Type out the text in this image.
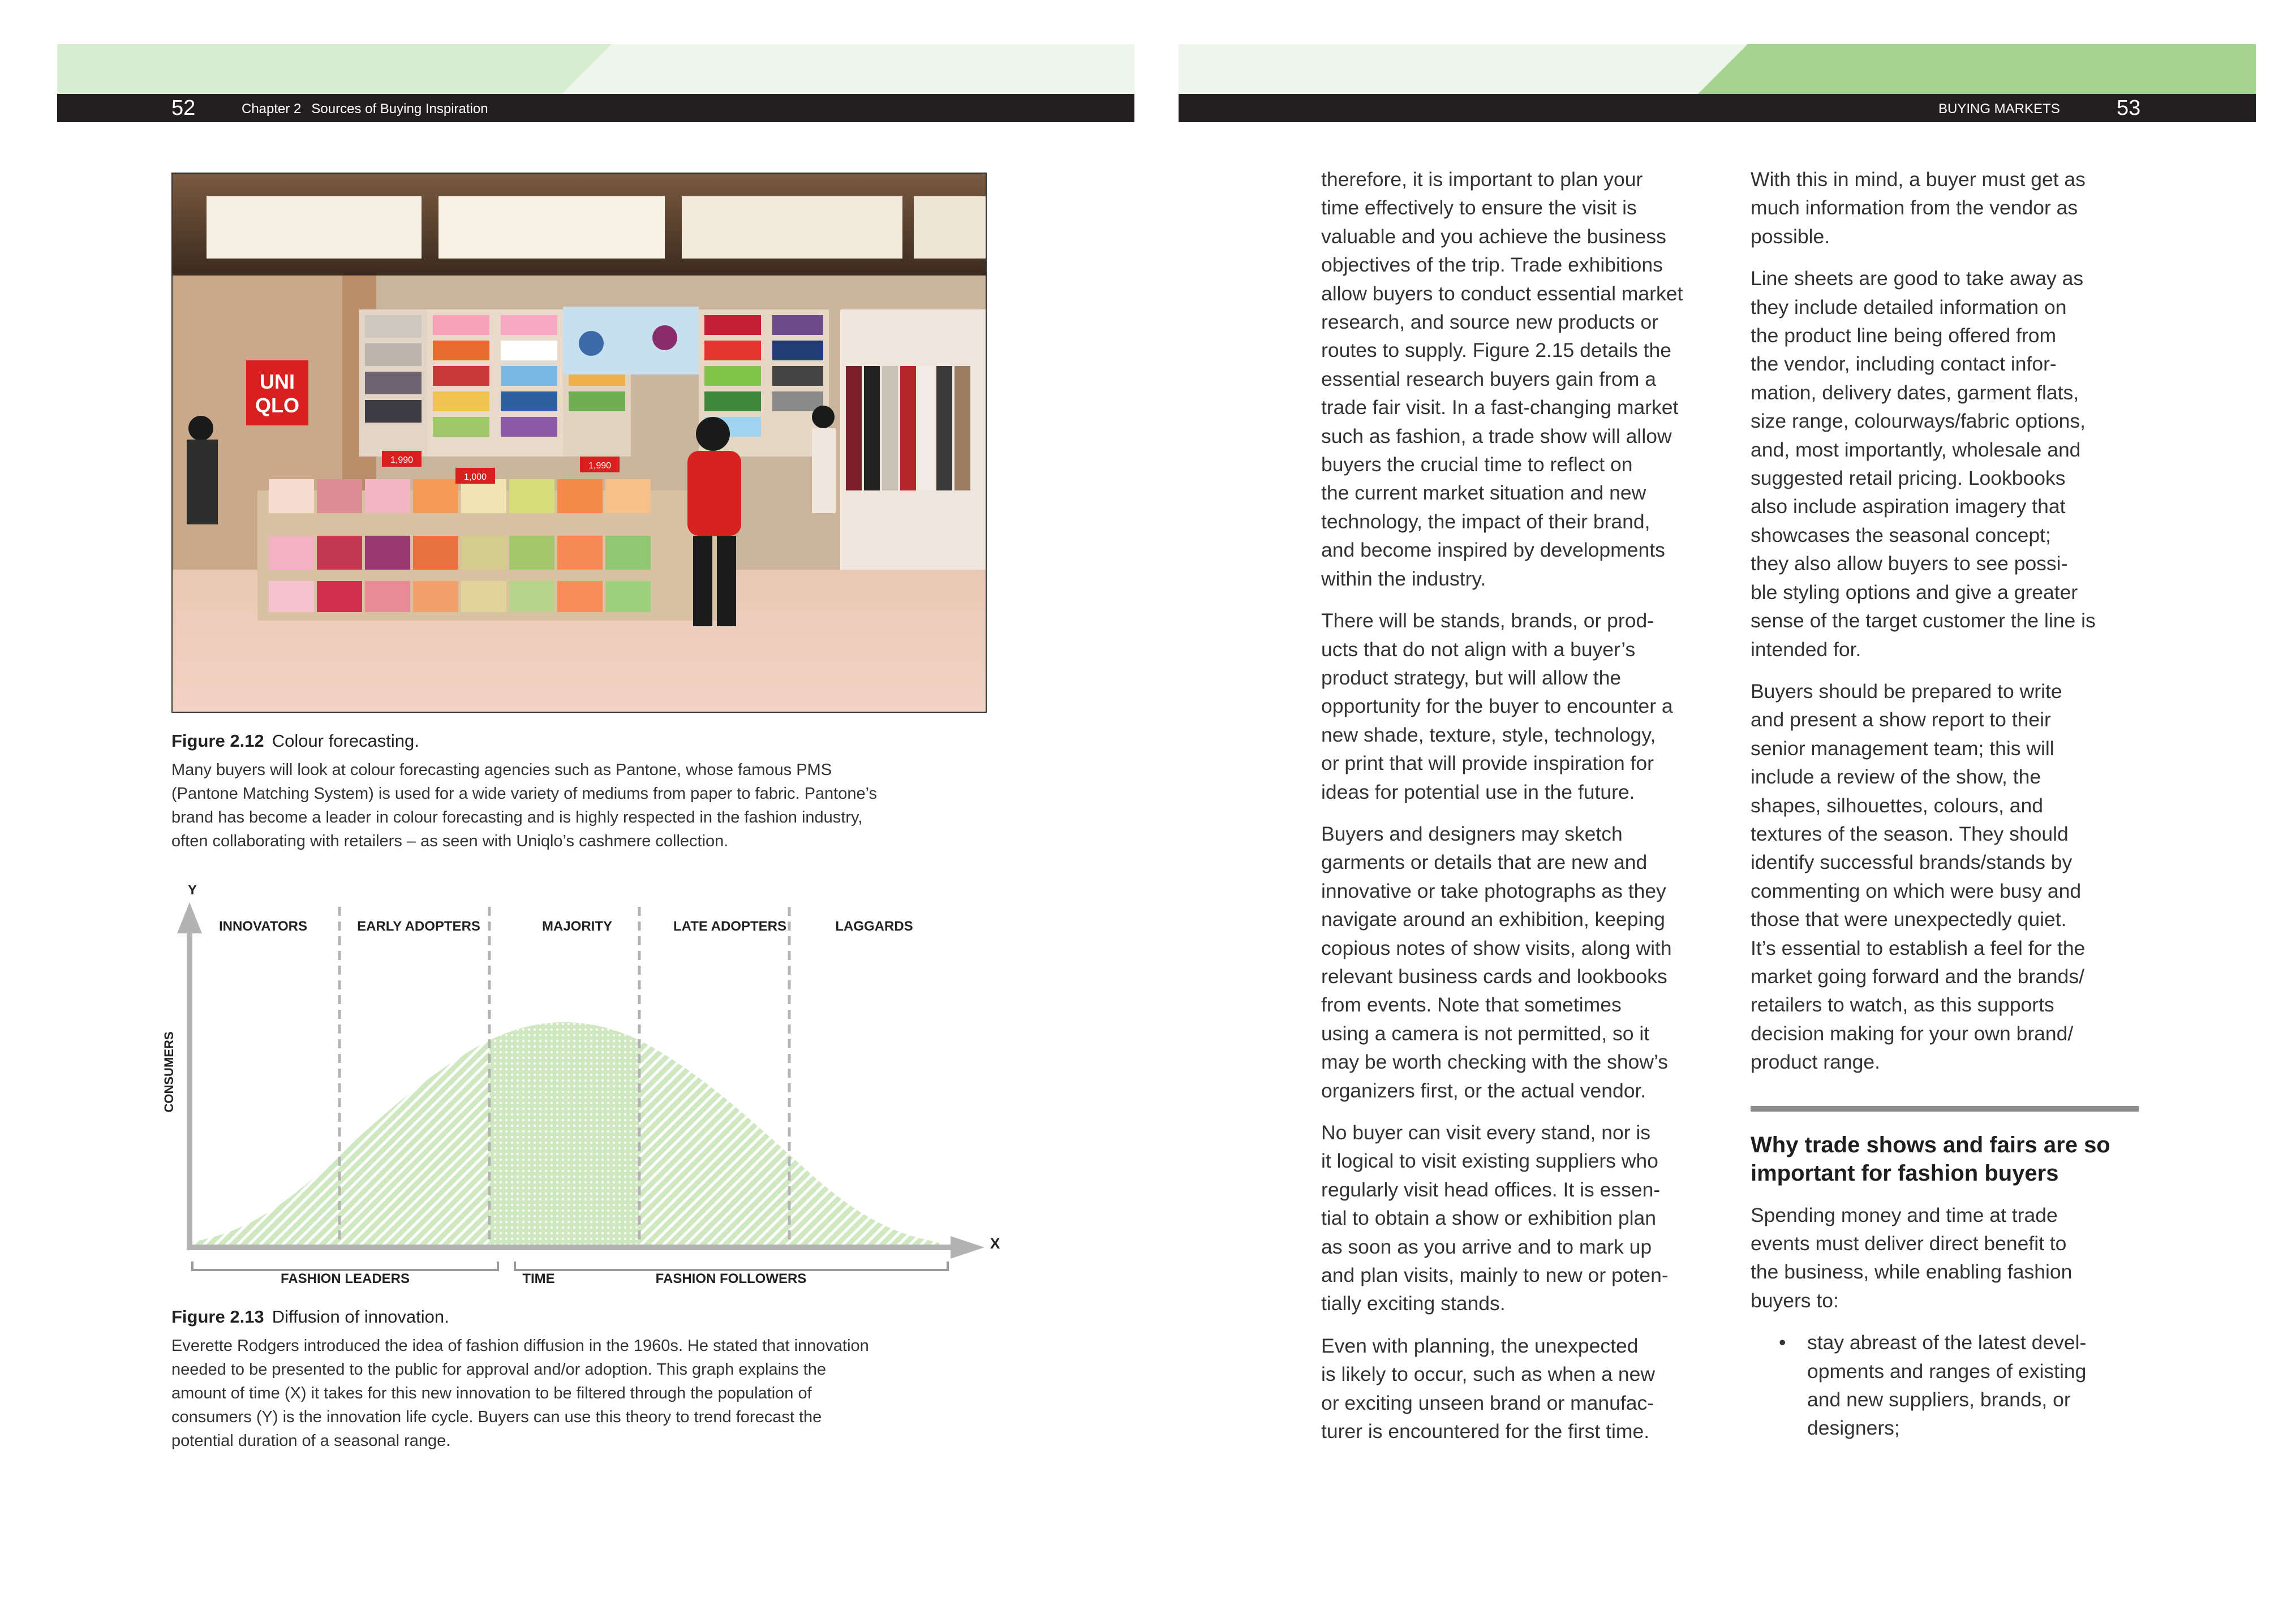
52	Chapter 2 Sources of Buying Inspiration
UNI
QLO
1,990
1,000
1,990
Figure 2.12 Colour forecasting.
Many buyers will look at colour forecasting agencies such as Pantone, whose famous PMS
(Pantone Matching System) is used for a wide variety of mediums from paper to fabric. Pantone’s
brand has become a leader in colour forecasting and is highly respected in the fashion industry,
often collaborating with retailers – as seen with Uniqlo’s cashmere collection.
Y
X
CONSUMERS
INNOVATORS	EARLY ADOPTERS	MAJORITY	LATE ADOPTERS	LAGGARDS
FASHION LEADERS	TIME	FASHION FOLLOWERS
Figure 2.13 Diffusion of innovation.
Everette Rodgers introduced the idea of fashion diffusion in the 1960s. He stated that innovation
needed to be presented to the public for approval and/or adoption. This graph explains the
amount of time (X) it takes for this new innovation to be filtered through the population of
consumers (Y) is the innovation life cycle. Buyers can use this theory to trend forecast the
potential duration of a seasonal range.
BUYING MARKETS	53

therefore, it is important to plan your
time effectively to ensure the visit is
valuable and you achieve the business
objectives of the trip. Trade exhibitions
allow buyers to conduct essential market
research, and source new products or
routes to supply. Figure 2.15 details the
essential research buyers gain from a
trade fair visit. In a fast-changing market
such as fashion, a trade show will allow
buyers the crucial time to reflect on
the current market situation and new
technology, the impact of their brand,
and become inspired by developments
within the industry.

There will be stands, brands, or prod-
ucts that do not align with a buyer’s
product strategy, but will allow the
opportunity for the buyer to encounter a
new shade, texture, style, technology,
or print that will provide inspiration for
ideas for potential use in the future.

Buyers and designers may sketch
garments or details that are new and
innovative or take photographs as they
navigate around an exhibition, keeping
copious notes of show visits, along with
relevant business cards and lookbooks
from events. Note that sometimes
using a camera is not permitted, so it
may be worth checking with the show’s
organizers first, or the actual vendor.

No buyer can visit every stand, nor is
it logical to visit existing suppliers who
regularly visit head offices. It is essen-
tial to obtain a show or exhibition plan
as soon as you arrive and to mark up
and plan visits, mainly to new or poten-
tially exciting stands.

Even with planning, the unexpected
is likely to occur, such as when a new
or exciting unseen brand or manufac-
turer is encountered for the first time.

With this in mind, a buyer must get as
much information from the vendor as
possible.

Line sheets are good to take away as
they include detailed information on
the product line being offered from
the vendor, including contact infor-
mation, delivery dates, garment flats,
size range, colourways/fabric options,
and, most importantly, wholesale and
suggested retail pricing. Lookbooks
also include aspiration imagery that
showcases the seasonal concept;
they also allow buyers to see possi-
ble styling options and give a greater
sense of the target customer the line is
intended for.

Buyers should be prepared to write
and present a show report to their
senior management team; this will
include a review of the show, the
shapes, silhouettes, colours, and
textures of the season. They should
identify successful brands/stands by
commenting on which were busy and
those that were unexpectedly quiet.
It’s essential to establish a feel for the
market going forward and the brands/
retailers to watch, as this supports
decision making for your own brand/
product range.

Why trade shows and fairs are so
important for fashion buyers

Spending money and time at trade
events must deliver direct benefit to
the business, while enabling fashion
buyers to:

• stay abreast of the latest devel-
opments and ranges of existing
and new suppliers, brands, or
designers;
